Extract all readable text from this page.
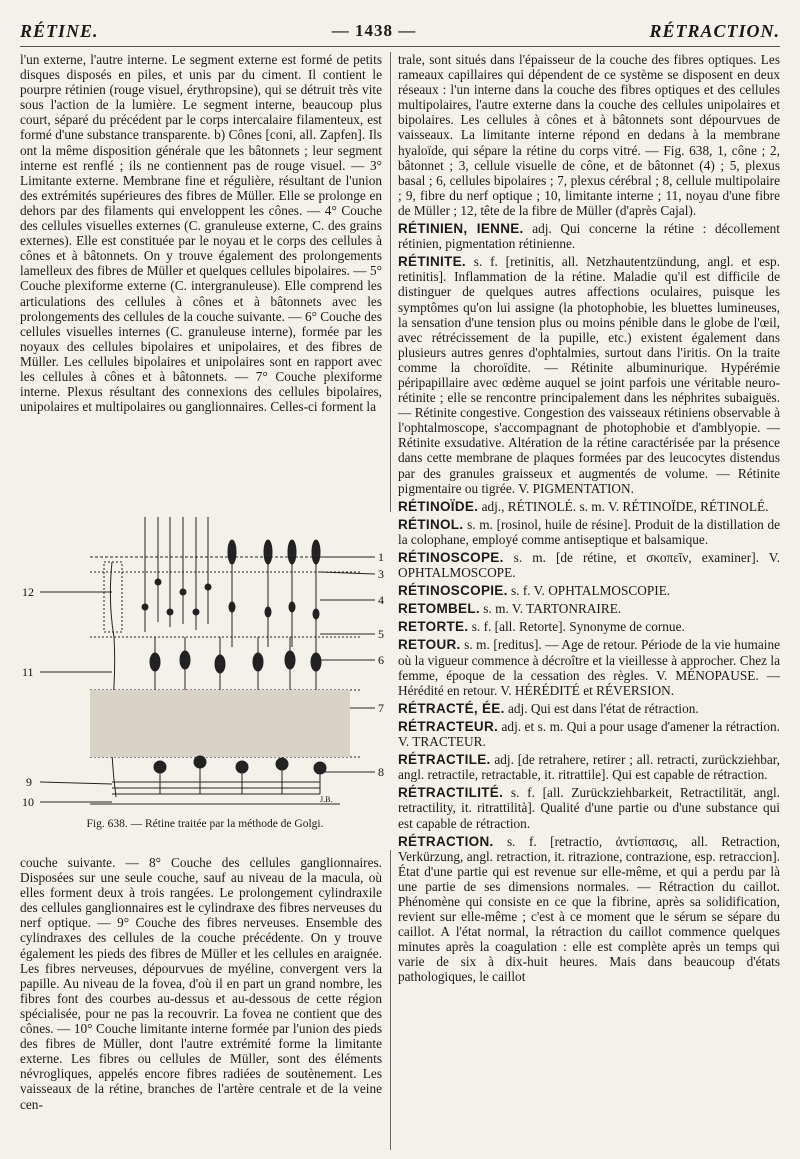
RÉTINE.	— 1438 —	RÉTRACTION.

l'un externe, l'autre interne. Le segment externe est formé de petits disques disposés en piles, et unis par du ciment. Il contient le pourpre rétinien (rouge visuel, érythropsine), qui se détruit très vite sous l'action de la lumière. Le segment interne, beaucoup plus court, séparé du précédent par le corps intercalaire filamenteux, est formé d'une substance transparente. b) Cônes [coni, all. Zapfen]. Ils ont la même disposition générale que les bâtonnets ; leur segment interne est renflé ; ils ne contiennent pas de rouge visuel. — 3° Limitante externe. Membrane fine et régulière, résultant de l'union des extrémités supérieures des fibres de Müller. Elle se prolonge en dehors par des filaments qui enveloppent les cônes. — 4° Couche des cellules visuelles externes (C. granuleuse externe, C. des grains externes). Elle est constituée par le noyau et le corps des cellules à cônes et à bâtonnets. On y trouve également des prolongements lamelleux des fibres de Müller et quelques cellules bipolaires. — 5° Couche plexiforme externe (C. intergranuleuse). Elle comprend les articulations des cellules à cônes et à bâtonnets avec les prolongements des cellules de la couche suivante. — 6° Couche des cellules visuelles internes (C. granuleuse interne), formée par les noyaux des cellules bipolaires et unipolaires, et des fibres de Müller. Les cellules bipolaires et unipolaires sont en rapport avec les cellules à cônes et à bâtonnets. — 7° Couche plexiforme interne. Plexus résultant des connexions des cellules bipolaires, unipolaires et multipolaires ou ganglionnaires. Celles-ci forment la

1
3
4
5
6
7
8
12
11
9
10	J.B.
Fig. 638. — Rétine traitée par la méthode de Golgi.

couche suivante. — 8° Couche des cellules ganglionnaires. Disposées sur une seule couche, sauf au niveau de la macula, où elles forment deux à trois rangées. Le prolongement cylindraxile des cellules ganglionnaires est le cylindraxe des fibres nerveuses du nerf optique. — 9° Couche des fibres nerveuses. Ensemble des cylindraxes des cellules de la couche précédente. On y trouve également les pieds des fibres de Müller et les cellules en araignée. Les fibres nerveuses, dépourvues de myéline, convergent vers la papille. Au niveau de la fovea, d'où il en part un grand nombre, les fibres font des courbes au-dessus et au-dessous de cette région spécialisée, pour ne pas la recouvrir. La fovea ne contient que des cônes. — 10° Couche limitante interne formée par l'union des pieds des fibres de Müller, dont l'autre extrémité forme la limitante externe. Les fibres ou cellules de Müller, sont des éléments névrogliques, appelés encore fibres radiées de soutènement. Les vaisseaux de la rétine, branches de l'artère centrale et de la veine cen-

trale, sont situés dans l'épaisseur de la couche des fibres optiques. Les rameaux capillaires qui dépendent de ce système se disposent en deux réseaux : l'un interne dans la couche des fibres optiques et des cellules multipolaires, l'autre externe dans la couche des cellules unipolaires et bipolaires. Les cellules à cônes et à bâtonnets sont dépourvues de vaisseaux. La limitante interne répond en dedans à la membrane hyaloïde, qui sépare la rétine du corps vitré. — Fig. 638, 1, cône ; 2, bâtonnet ; 3, cellule visuelle de cône, et de bâtonnet (4) ; 5, plexus basal ; 6, cellules bipolaires ; 7, plexus cérébral ; 8, cellule multipolaire ; 9, fibre du nerf optique ; 10, limitante interne ; 11, noyau d'une fibre de Müller ; 12, tête de la fibre de Müller (d'après Cajal).

RÉTINIEN, IENNE. adj. Qui concerne la rétine : décollement rétinien, pigmentation rétinienne.

RÉTINITE. s. f. [retinitis, all. Netzhautentzündung, angl. et esp. retinitis]. Inflammation de la rétine. Maladie qu'il est difficile de distinguer de quelques autres affections oculaires, puisque les symptômes qu'on lui assigne (la photophobie, les bluettes lumineuses, la sensation d'une tension plus ou moins pénible dans le globe de l'œil, avec rétrécissement de la pupille, etc.) existent également dans plusieurs autres genres d'ophtalmies, surtout dans l'iritis. On la traite comme la choroïdite. — Rétinite albuminurique. Hypérémie péripapillaire avec œdème auquel se joint parfois une véritable neuro-rétinite ; elle se rencontre principalement dans les néphrites subaiguës. — Rétinite congestive. Congestion des vaisseaux rétiniens observable à l'ophtalmoscope, s'accompagnant de photophobie et d'amblyopie. — Rétinite exsudative. Altération de la rétine caractérisée par la présence dans cette membrane de plaques formées par des leucocytes distendus par des granules graisseux et augmentés de volume. — Rétinite pigmentaire ou tigrée. V. PIGMENTATION.

RÉTINOÏDE. adj., RÉTINOLÉ. s. m. V. RÉTINOÏDE, RÉTINOLÉ.

RÉTINOL. s. m. [rosinol, huile de résine]. Produit de la distillation de la colophane, employé comme antiseptique et balsamique.

RÉTINOSCOPE. s. m. [de rétine, et σκοπεῖν, examiner]. V. OPHTALMOSCOPE.

RÉTINOSCOPIE. s. f. V. OPHTALMOSCOPIE.

RETOMBEL. s. m. V. TARTONRAIRE.

RETORTE. s. f. [all. Retorte]. Synonyme de cornue.

RETOUR. s. m. [reditus]. — Age de retour. Période de la vie humaine où la vigueur commence à décroître et la vieillesse à approcher. Chez la femme, époque de la cessation des règles. V. MÉNOPAUSE. — Hérédité en retour. V. HÉRÉDITÉ et RÉVERSION.

RÉTRACTÉ, ÉE. adj. Qui est dans l'état de rétraction.

RÉTRACTEUR. adj. et s. m. Qui a pour usage d'amener la rétraction. V. TRACTEUR.

RÉTRACTILE. adj. [de retrahere, retirer ; all. retracti, zurückziehbar, angl. retractile, retractable, it. ritrattile]. Qui est capable de rétraction.

RÉTRACTILITÉ. s. f. [all. Zurückziehbarkeit, Retractilität, angl. retractility, it. ritrattilità]. Qualité d'une partie ou d'une substance qui est capable de rétraction.

RÉTRACTION. s. f. [retractio, ἀντίσπασις, all. Retraction, Verkürzung, angl. retraction, it. ritrazione, contrazione, esp. retraccion]. État d'une partie qui est revenue sur elle-même, et qui a perdu par là une partie de ses dimensions normales. — Rétraction du caillot. Phénomène qui consiste en ce que la fibrine, après sa solidification, revient sur elle-même ; c'est à ce moment que le sérum se sépare du caillot. A l'état normal, la rétraction du caillot commence quelques minutes après la coagulation : elle est complète après un temps qui varie de six à dix-huit heures. Mais dans beaucoup d'états pathologiques, le caillot
